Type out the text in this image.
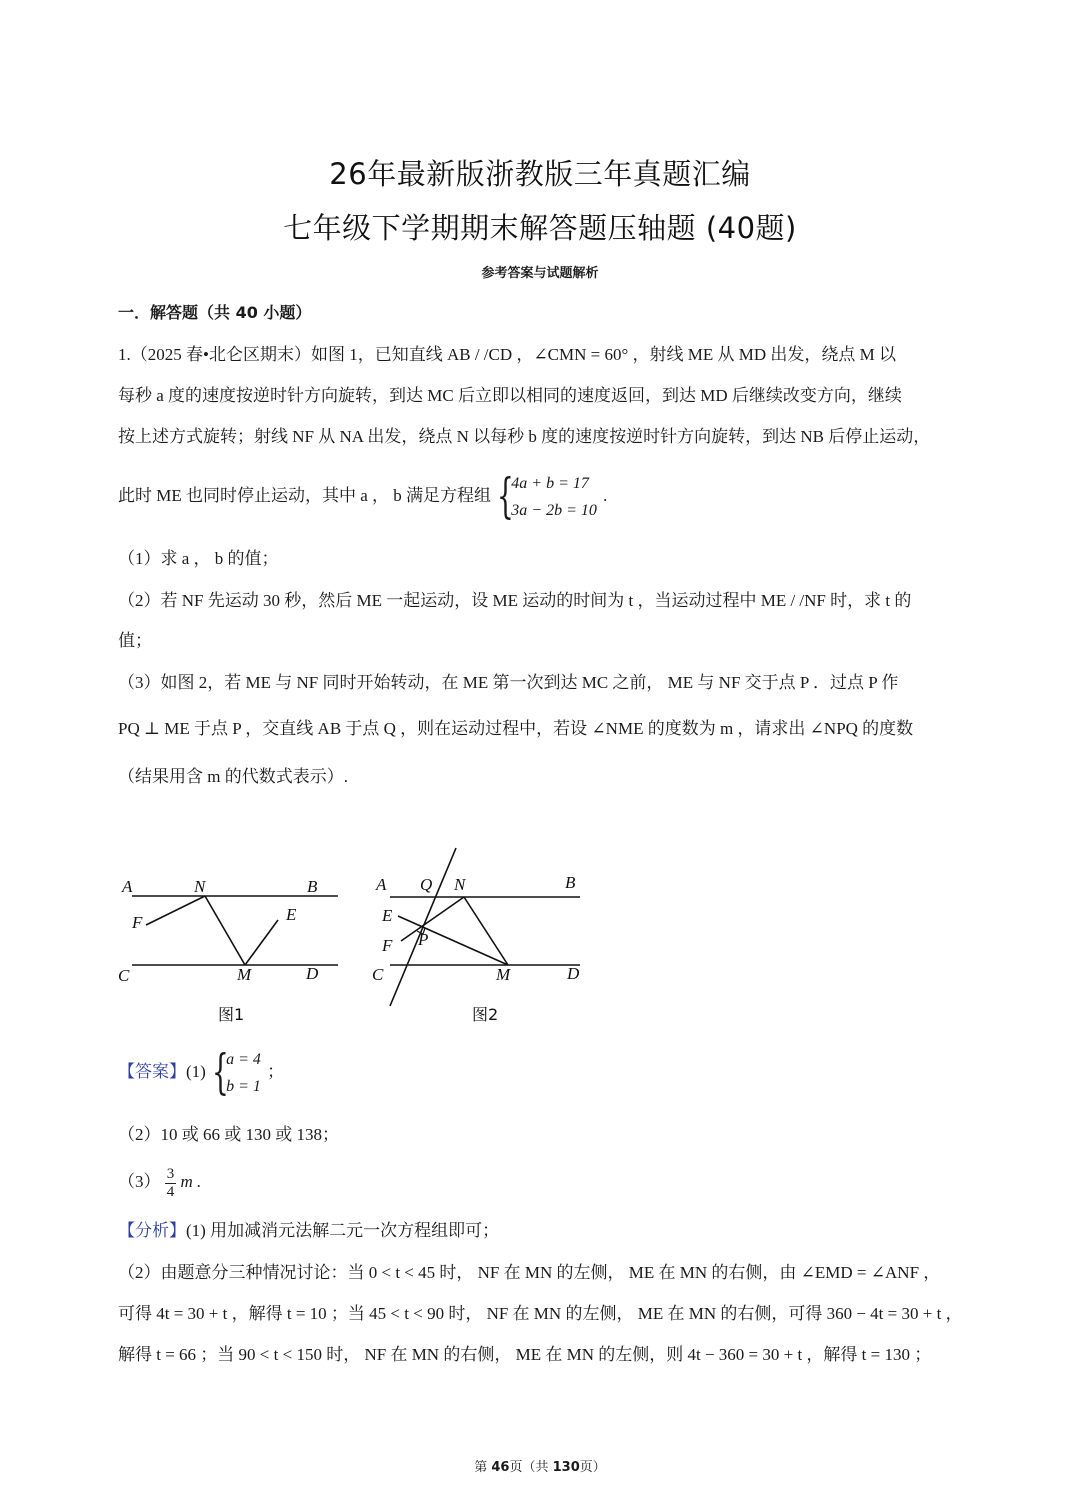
26年最新版浙教版三年真题汇编
七年级下学期期末解答题压轴题 (40题)
参考答案与试题解析
一．解答题（共 40 小题）
1.（2025 春•北仑区期末）如图 1，已知直线 AB / /CD ，∠CMN = 60° ，射线 ME 从 MD 出发，绕点 M 以
每秒 a 度的速度按逆时针方向旋转，到达 MC 后立即以相同的速度返回，到达 MD 后继续改变方向，继续
按上述方式旋转；射线 NF 从 NA 出发，绕点 N 以每秒 b 度的速度按逆时针方向旋转，到达 NB 后停止运动，
此时 ME 也同时停止运动，其中 a ， b 满足方程组 {
4a + b = 17
3a − 2b = 10
.
（1）求 a ， b 的值；
（2）若 NF 先运动 30 秒，然后 ME 一起运动，设 ME 运动的时间为 t ，当运动过程中 ME / /NF 时，求 t 的
值；
（3）如图 2，若 ME 与 NF 同时开始转动，在 ME 第一次到达 MC 之前， ME 与 NF 交于点 P ．过点 P 作
PQ ⊥ ME 于点 P ，交直线 AB 于点 Q ，则在运动过程中，若设 ∠NME 的度数为 m ，请求出 ∠NPQ 的度数
（结果用含 m 的代数式表示）.
A	N	B
F	E
C	M	D
图1
A Q N	B
E
P
F
C	M	D
图2
【答案】(1) {
a = 4
b = 1
；
（2）10 或 66 或 130 或 138；
$(3) \frac{3}{4}$ m .
【分析】(1) 用加减消元法解二元一次方程组即可；
（2）由题意分三种情况讨论：当 0 < t < 45 时， NF 在 MN 的左侧， ME 在 MN 的右侧，由 ∠EMD = ∠ANF ，
可得 4t = 30 + t ，解得 t = 10 ；当 45 < t < 90 时， NF 在 MN 的左侧， ME 在 MN 的右侧，可得 360 − 4t = 30 + t ，
解得 t = 66 ；当 90 < t < 150 时， NF 在 MN 的右侧， ME 在 MN 的左侧，则 4t − 360 = 30 + t ，解得 t = 130 ；
第 46页（共 130页）
